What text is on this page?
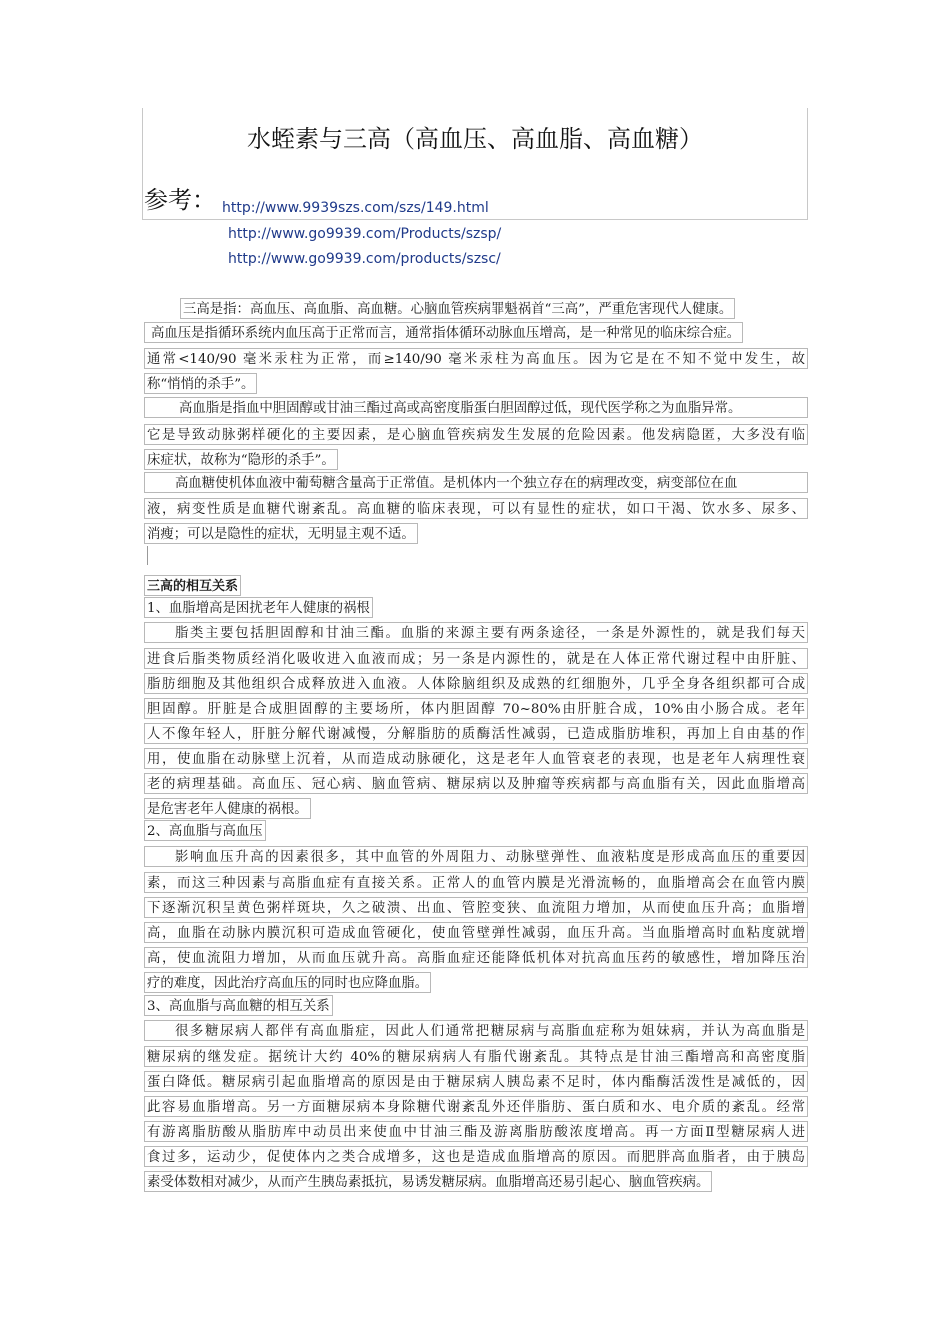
水蛭素与三高（高血压、高血脂、高血糖）
参考： http://www.9939szs.com/szs/149.html
http://www.go9939.com/Products/szsp/
http://www.go9939.com/products/szsc/
三高是指：高血压、高血脂、高血糖。心脑血管疾病罪魁祸首“三高”，严重危害现代人健康。
高血压是指循环系统内血压高于正常而言，通常指体循环动脉血压增高，是一种常见的临床综合症。
通常<140/90 毫米汞柱为正常，而≥140/90 毫米汞柱为高血压。因为它是在不知不觉中发生，故
称“悄悄的杀手”。
高血脂是指血中胆固醇或甘油三酯过高或高密度脂蛋白胆固醇过低，现代医学称之为血脂异常。
它是导致动脉粥样硬化的主要因素，是心脑血管疾病发生发展的危险因素。他发病隐匿，大多没有临
床症状，故称为“隐形的杀手”。
高血糖使机体血液中葡萄糖含量高于正常值。是机体内一个独立存在的病理改变，病变部位在血
液，病变性质是血糖代谢紊乱。高血糖的临床表现，可以有显性的症状，如口干渴、饮水多、尿多、
消瘦；可以是隐性的症状，无明显主观不适。
三高的相互关系
1、血脂增高是困扰老年人健康的祸根
脂类主要包括胆固醇和甘油三酯。血脂的来源主要有两条途径，一条是外源性的，就是我们每天
进食后脂类物质经消化吸收进入血液而成；另一条是内源性的，就是在人体正常代谢过程中由肝脏、
脂肪细胞及其他组织合成释放进入血液。人体除脑组织及成熟的红细胞外，几乎全身各组织都可合成
胆固醇。肝脏是合成胆固醇的主要场所，体内胆固醇 70~80%由肝脏合成，10%由小肠合成。老年
人不像年轻人，肝脏分解代谢减慢，分解脂肪的质酶活性减弱，已造成脂肪堆积，再加上自由基的作
用，使血脂在动脉壁上沉着，从而造成动脉硬化，这是老年人血管衰老的表现，也是老年人病理性衰
老的病理基础。高血压、冠心病、脑血管病、糖尿病以及肿瘤等疾病都与高血脂有关，因此血脂增高
是危害老年人健康的祸根。
2、高血脂与高血压
影响血压升高的因素很多，其中血管的外周阻力、动脉壁弹性、血液粘度是形成高血压的重要因
素，而这三种因素与高脂血症有直接关系。正常人的血管内膜是光滑流畅的，血脂增高会在血管内膜
下逐渐沉积呈黄色粥样斑块，久之破溃、出血、管腔变狭、血流阻力增加，从而使血压升高；血脂增
高，血脂在动脉内膜沉积可造成血管硬化，使血管壁弹性减弱，血压升高。当血脂增高时血粘度就增
高，使血流阻力增加，从而血压就升高。高脂血症还能降低机体对抗高血压药的敏感性，增加降压治
疗的难度，因此治疗高血压的同时也应降血脂。
3、高血脂与高血糖的相互关系
很多糖尿病人都伴有高血脂症，因此人们通常把糖尿病与高脂血症称为姐妹病，并认为高血脂是
糖尿病的继发症。据统计大约 40%的糖尿病病人有脂代谢紊乱。其特点是甘油三酯增高和高密度脂
蛋白降低。糖尿病引起血脂增高的原因是由于糖尿病人胰岛素不足时，体内酯酶活泼性是减低的，因
此容易血脂增高。另一方面糖尿病本身除糖代谢紊乱外还伴脂肪、蛋白质和水、电介质的紊乱。经常
有游离脂肪酸从脂肪库中动员出来使血中甘油三酯及游离脂肪酸浓度增高。再一方面Ⅱ型糖尿病人进
食过多，运动少，促使体内之类合成增多，这也是造成血脂增高的原因。而肥胖高血脂者，由于胰岛
素受体数相对减少，从而产生胰岛素抵抗，易诱发糖尿病。血脂增高还易引起心、脑血管疾病。
